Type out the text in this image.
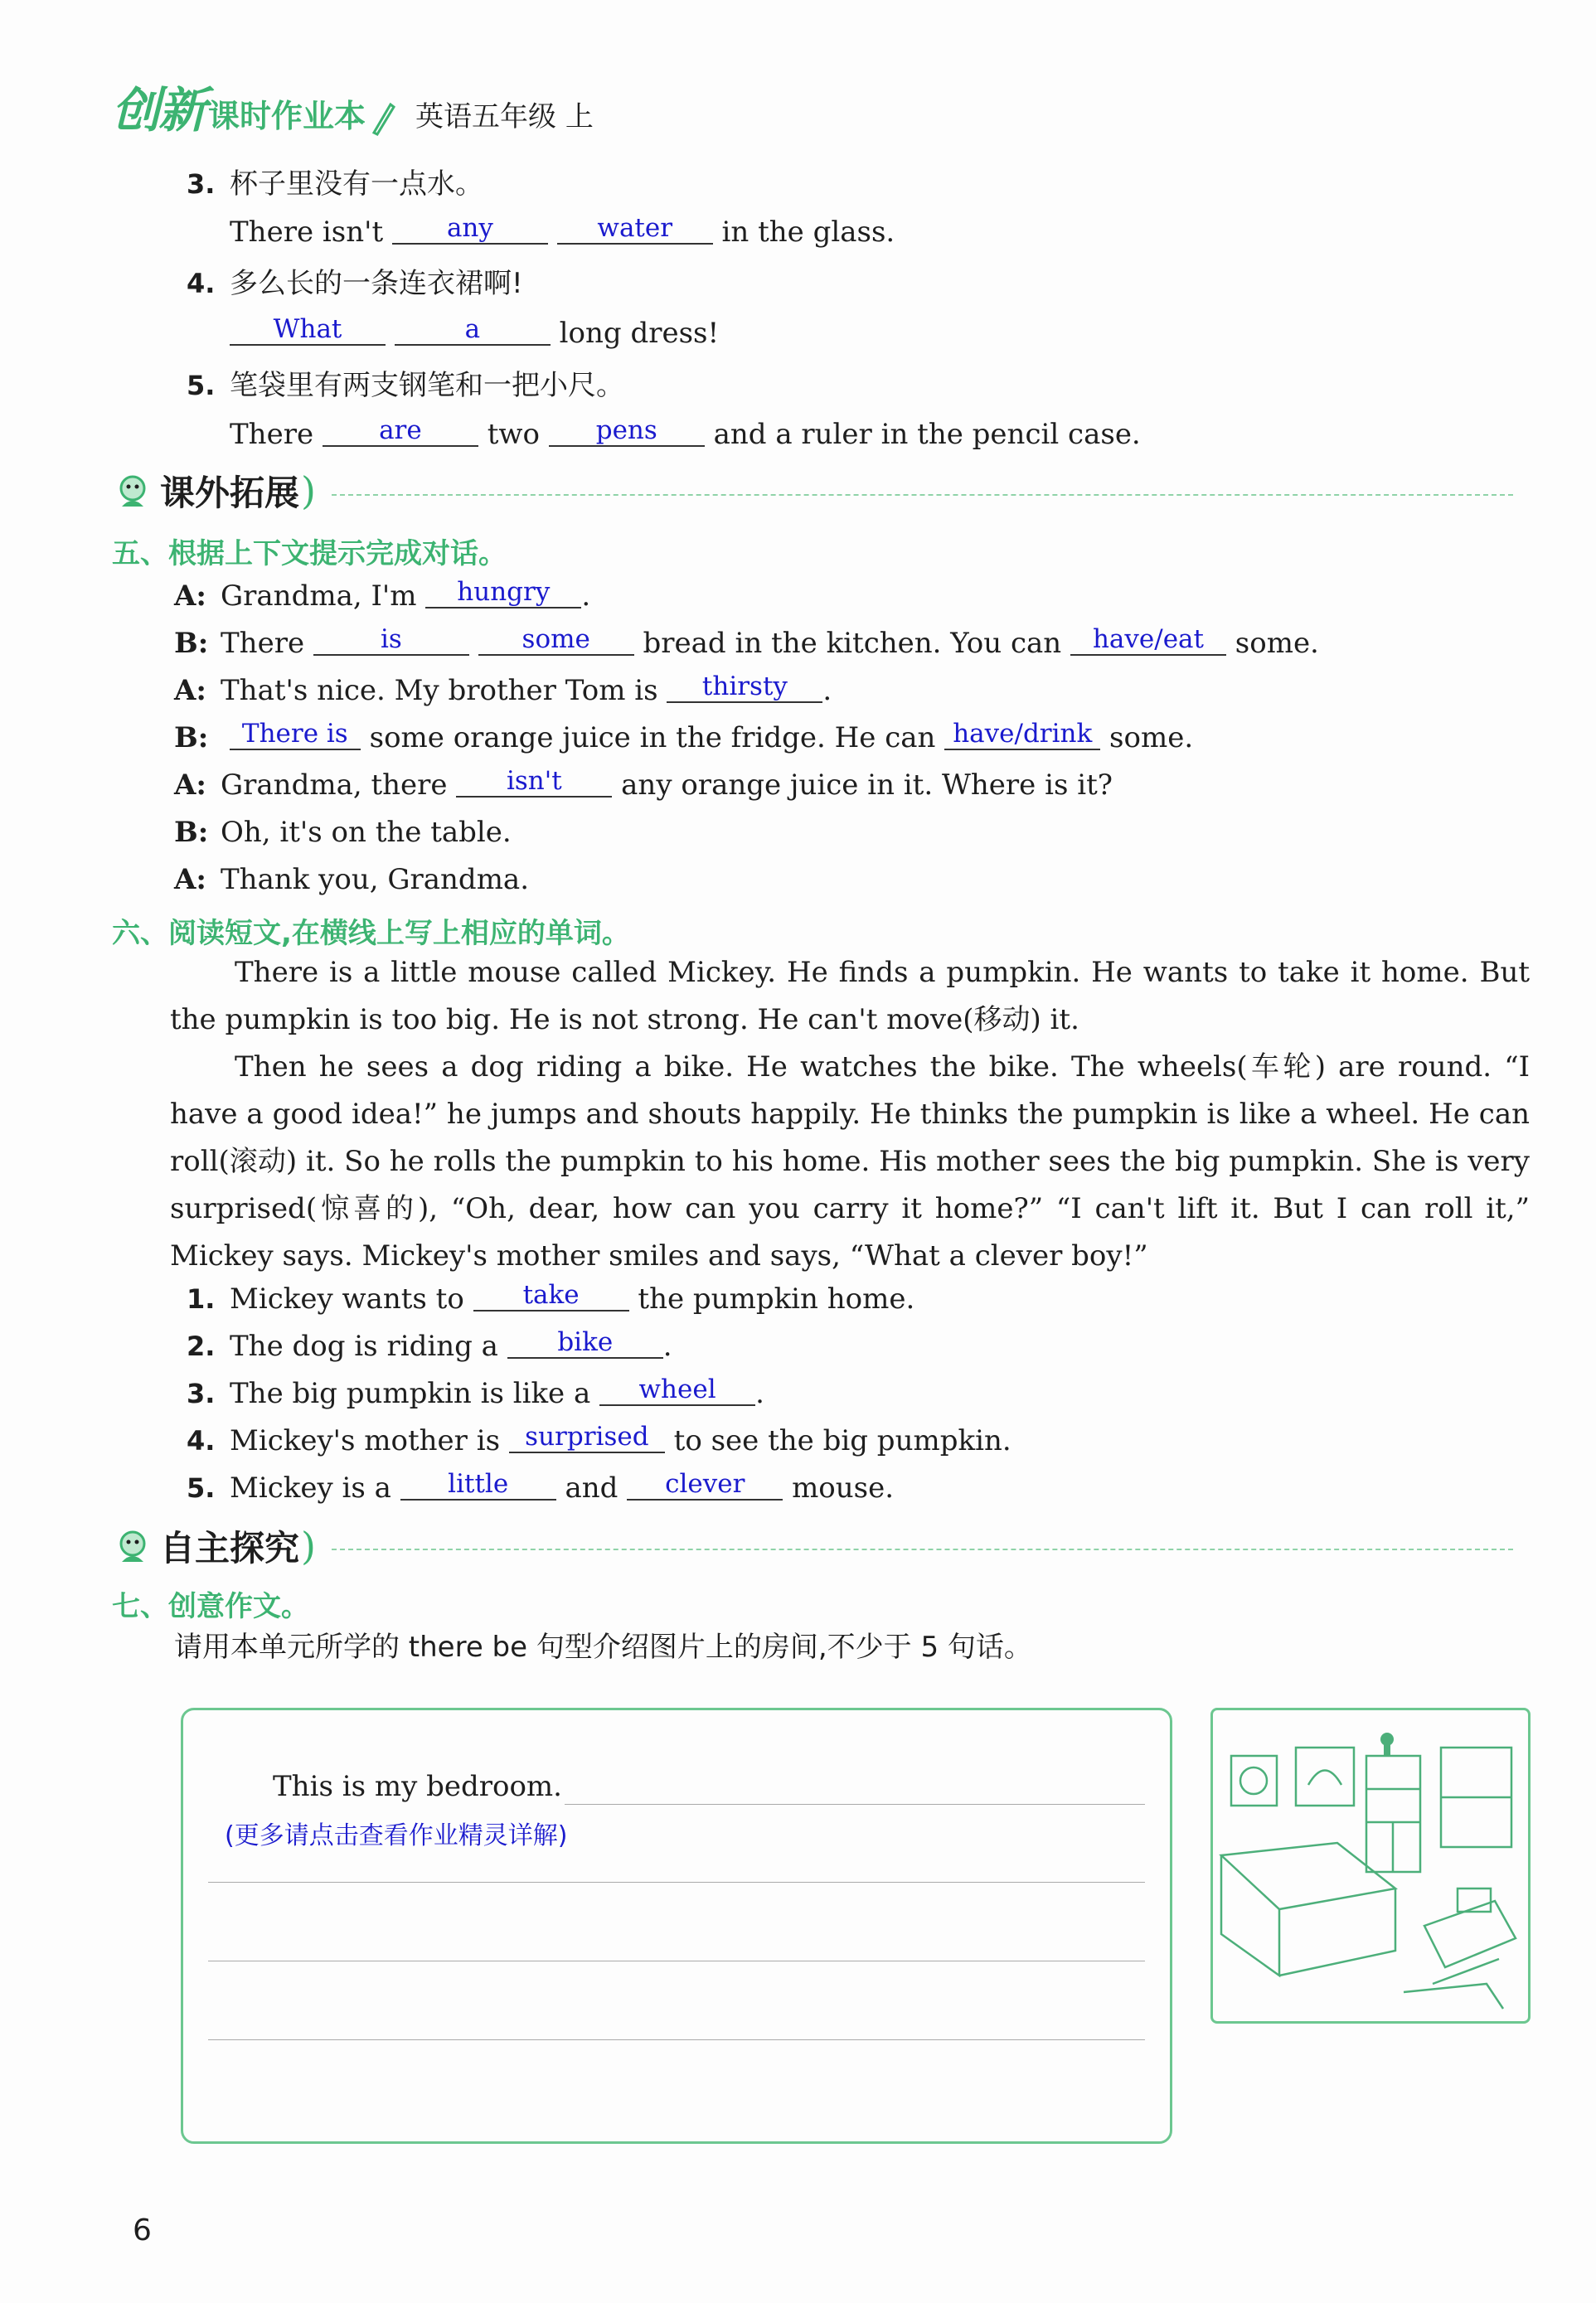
创新 课时作业本 英语五年级 上
3. 杯子里没有一点水。
There isn't any	water in the glass.
4. 多么长的一条连衣裙啊!
What	a	long dress!
5. 笔袋里有两支钢笔和一把小尺。
There	are two pens and a ruler in the pencil case.
课外拓展 )
五、根据上下文提示完成对话。
A: Grandma, I'm hungry .
B: There	is	some bread in the kitchen. You can have/eat some.
A: That's nice. My brother Tom is thirsty .
B: There is some orange juice in the fridge. He can have/drink some.
A: Grandma, there isn't any orange juice in it. Where is it?
B: Oh, it's on the table.
A: Thank you, Grandma.
六、阅读短文,在横线上写上相应的单词。
There is a little mouse called Mickey. He finds a pumpkin. He wants to take it home. But the pumpkin is too big. He is not strong. He can't move(移动) it.
Then he sees a dog riding a bike. He watches the bike. The wheels(车轮) are round. “I have a good idea!” he jumps and shouts happily. He thinks the pumpkin is like a wheel. He can roll(滚动) it. So he rolls the pumpkin to his home. His mother sees the big pumpkin. She is very surprised(惊喜的), “Oh, dear, how can you carry it home?” “I can't lift it. But I can roll it,” Mickey says. Mickey's mother smiles and says, “What a clever boy!”
1. Mickey wants to take the pumpkin home.
2. The dog is riding a bike .
3. The big pumpkin is like a wheel .
4. Mickey's mother is surprised to see the big pumpkin.
5. Mickey is a little and clever mouse.
自主探究 )
七、创意作文。
请用本单元所学的 there be 句型介绍图片上的房间,不少于 5 句话。
This is my bedroom.
(更多请点击查看作业精灵详解)
6
